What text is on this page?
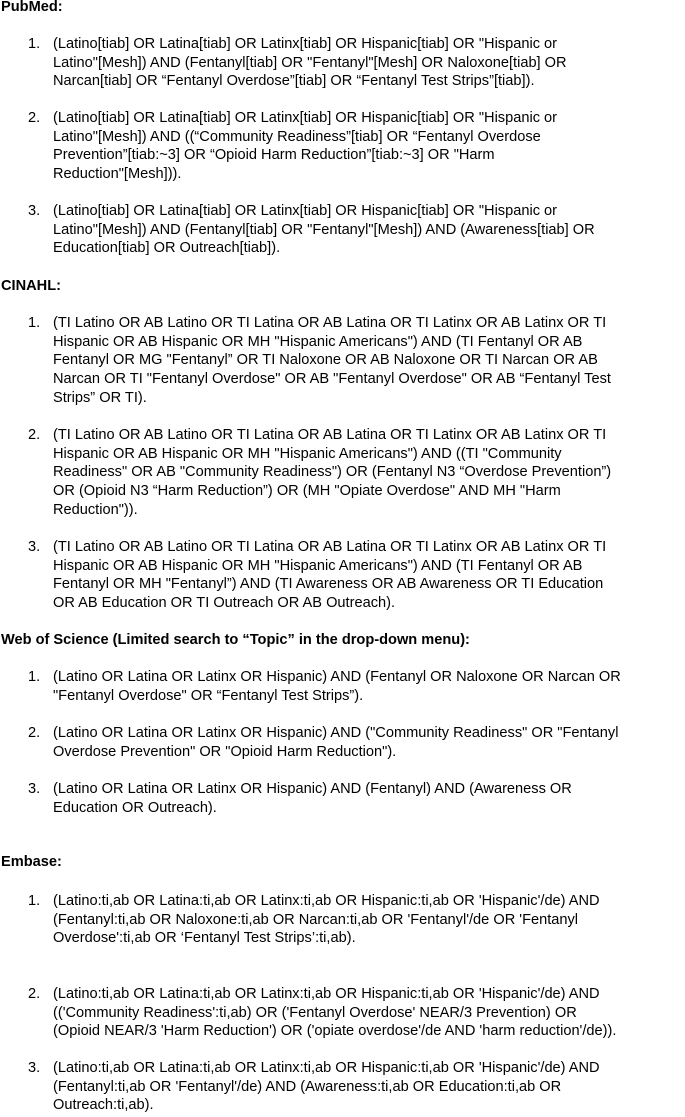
PubMed:
1. (Latino[tiab] OR Latina[tiab] OR Latinx[tiab] OR Hispanic[tiab] OR "Hispanic or
Latino"[Mesh]) AND (Fentanyl[tiab] OR "Fentanyl"[Mesh] OR Naloxone[tiab] OR
Narcan[tiab] OR “Fentanyl Overdose”[tiab] OR “Fentanyl Test Strips”[tiab]).
2. (Latino[tiab] OR Latina[tiab] OR Latinx[tiab] OR Hispanic[tiab] OR "Hispanic or
Latino"[Mesh]) AND ((“Community Readiness”[tiab] OR “Fentanyl Overdose
Prevention”[tiab:~3] OR “Opioid Harm Reduction”[tiab:~3] OR "Harm
Reduction"[Mesh])).
3. (Latino[tiab] OR Latina[tiab] OR Latinx[tiab] OR Hispanic[tiab] OR "Hispanic or
Latino"[Mesh]) AND (Fentanyl[tiab] OR "Fentanyl"[Mesh]) AND (Awareness[tiab] OR
Education[tiab] OR Outreach[tiab]).
CINAHL:
1. (TI Latino OR AB Latino OR TI Latina OR AB Latina OR TI Latinx OR AB Latinx OR TI
Hispanic OR AB Hispanic OR MH "Hispanic Americans") AND (TI Fentanyl OR AB
Fentanyl OR MG "Fentanyl” OR TI Naloxone OR AB Naloxone OR TI Narcan OR AB
Narcan OR TI "Fentanyl Overdose" OR AB "Fentanyl Overdose" OR AB “Fentanyl Test
Strips” OR TI).
2. (TI Latino OR AB Latino OR TI Latina OR AB Latina OR TI Latinx OR AB Latinx OR TI
Hispanic OR AB Hispanic OR MH "Hispanic Americans") AND ((TI "Community
Readiness" OR AB "Community Readiness") OR (Fentanyl N3 “Overdose Prevention”)
OR (Opioid N3 “Harm Reduction”) OR (MH "Opiate Overdose" AND MH "Harm
Reduction")).
3. (TI Latino OR AB Latino OR TI Latina OR AB Latina OR TI Latinx OR AB Latinx OR TI
Hispanic OR AB Hispanic OR MH "Hispanic Americans") AND (TI Fentanyl OR AB
Fentanyl OR MH "Fentanyl”) AND (TI Awareness OR AB Awareness OR TI Education
OR AB Education OR TI Outreach OR AB Outreach).
Web of Science (Limited search to “Topic” in the drop-down menu):
1. (Latino OR Latina OR Latinx OR Hispanic) AND (Fentanyl OR Naloxone OR Narcan OR
"Fentanyl Overdose" OR “Fentanyl Test Strips”).
2. (Latino OR Latina OR Latinx OR Hispanic) AND ("Community Readiness" OR "Fentanyl
Overdose Prevention" OR "Opioid Harm Reduction").
3. (Latino OR Latina OR Latinx OR Hispanic) AND (Fentanyl) AND (Awareness OR
Education OR Outreach).
Embase:
1. (Latino:ti,ab OR Latina:ti,ab OR Latinx:ti,ab OR Hispanic:ti,ab OR 'Hispanic'/de) AND
(Fentanyl:ti,ab OR Naloxone:ti,ab OR Narcan:ti,ab OR 'Fentanyl'/de OR 'Fentanyl
Overdose':ti,ab OR ‘Fentanyl Test Strips’:ti,ab).
2. (Latino:ti,ab OR Latina:ti,ab OR Latinx:ti,ab OR Hispanic:ti,ab OR 'Hispanic'/de) AND
(('Community Readiness':ti,ab) OR ('Fentanyl Overdose' NEAR/3 Prevention) OR
(Opioid NEAR/3 'Harm Reduction') OR ('opiate overdose'/de AND 'harm reduction'/de)).
3. (Latino:ti,ab OR Latina:ti,ab OR Latinx:ti,ab OR Hispanic:ti,ab OR 'Hispanic'/de) AND
(Fentanyl:ti,ab OR 'Fentanyl'/de) AND (Awareness:ti,ab OR Education:ti,ab OR
Outreach:ti,ab).
